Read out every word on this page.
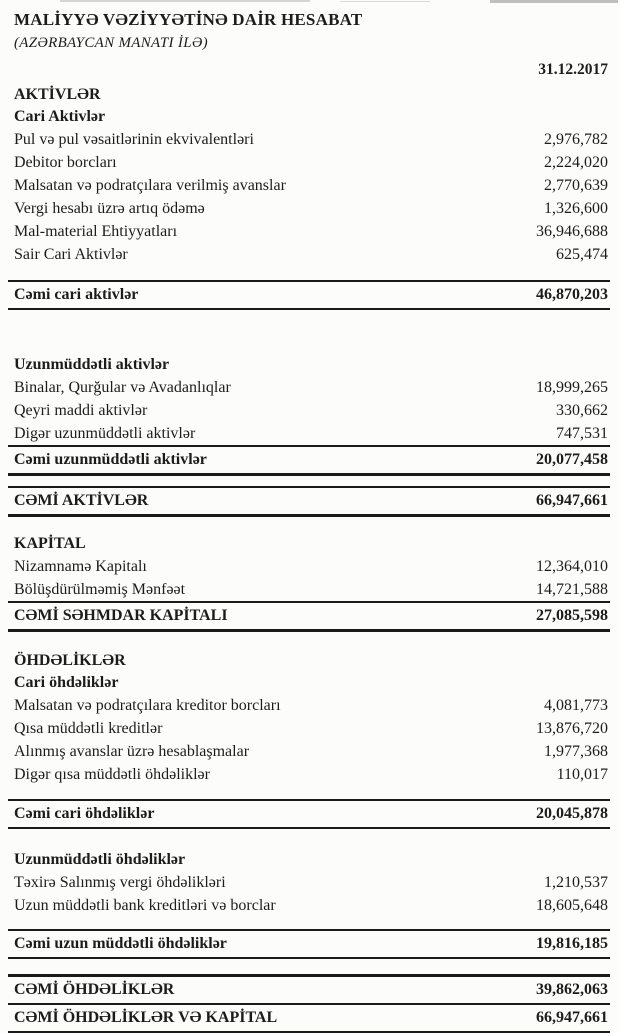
MALİYYƏ VƏZİYYƏTİNƏ DAİR HESABAT
(AZƏRBAYCAN MANATI İLƏ)
31.12.2017
AKTİVLƏR
Cari Aktivlər
Pul və pul vəsaitlərinin ekvivalentləri	2,976,782
Debitor borcları	2,224,020
Malsatan və podratçılara verilmiş avanslar	2,770,639
Vergi hesabı üzrə artıq ödəmə	1,326,600
Mal-material Ehtiyyatları	36,946,688
Sair Cari Aktivlər	625,474
Cəmi cari aktivlər	46,870,203
Uzunmüddətli aktivlər
Binalar, Qurğular və Avadanlıqlar	18,999,265
Qeyri maddi aktivlər	330,662
Digər uzunmüddətli aktivlər	747,531
Cəmi uzunmüddətli aktivlər	20,077,458
CƏMİ AKTİVLƏR	66,947,661
KAPİTAL
Nizamnamə Kapitalı	12,364,010
Bölüşdürülməmiş Mənfəət	14,721,588
CƏMİ SƏHMDAR KAPİTALI	27,085,598
ÖHDƏLİKLƏR
Cari öhdəliklər
Malsatan və podratçılara kreditor borcları	4,081,773
Qısa müddətli kreditlər	13,876,720
Alınmış avanslar üzrə hesablaşmalar	1,977,368
Digər qısa müddətli öhdəliklər	110,017
Cəmi cari öhdəliklər	20,045,878
Uzunmüddətli öhdəliklər
Təxirə Salınmış vergi öhdəlikləri	1,210,537
Uzun müddətli bank kreditləri və borclar	18,605,648
Cəmi uzun müddətli öhdəliklər	19,816,185
CƏMİ ÖHDƏLİKLƏR	39,862,063
CƏMİ ÖHDƏLİKLƏR VƏ KAPİTAL	66,947,661
